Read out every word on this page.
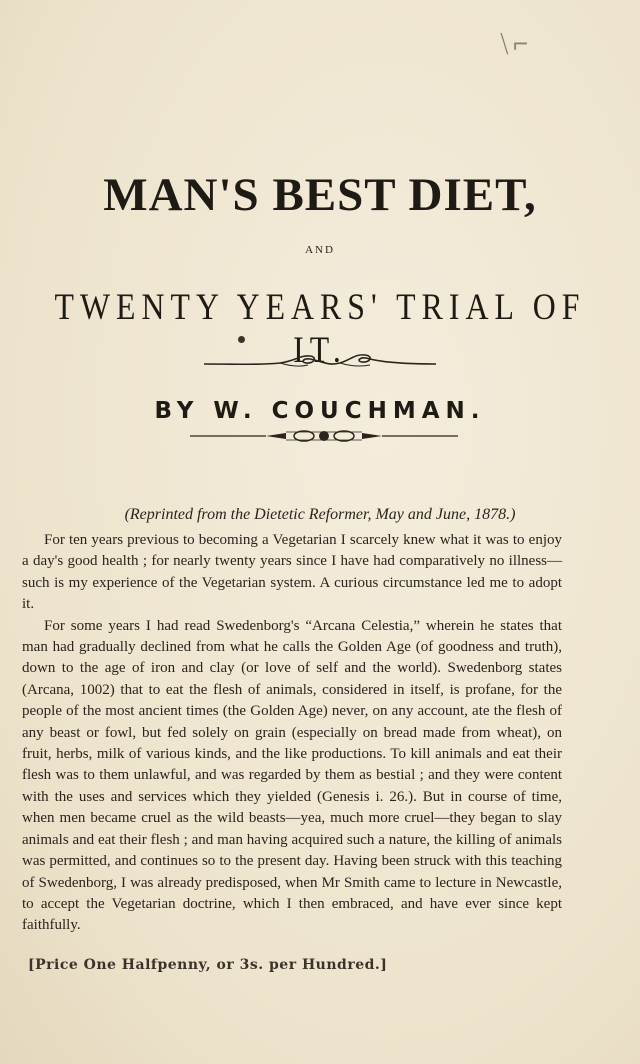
\ ⌐
MAN'S BEST DIET,
AND
TWENTY YEARS' TRIAL OF IT.
BY W. COUCHMAN.
(Reprinted from the Dietetic Reformer, May and June, 1878.)

For ten years previous to becoming a Vegetarian I scarcely knew what it was to enjoy a day's good health ; for nearly twenty years since I have had comparatively no illness—such is my experience of the Vegetarian system. A curious circumstance led me to adopt it.

For some years I had read Swedenborg's “Arcana Celestia,” wherein he states that man had gradually declined from what he calls the Golden Age (of goodness and truth), down to the age of iron and clay (or love of self and the world). Swedenborg states (Arcana, 1002) that to eat the flesh of animals, considered in itself, is profane, for the people of the most ancient times (the Golden Age) never, on any account, ate the flesh of any beast or fowl, but fed solely on grain (especially on bread made from wheat), on fruit, herbs, milk of various kinds, and the like productions. To kill animals and eat their flesh was to them unlawful, and was regarded by them as bestial ; and they were content with the uses and services which they yielded (Genesis i. 26.). But in course of time, when men became cruel as the wild beasts—yea, much more cruel—they began to slay animals and eat their flesh ; and man having acquired such a nature, the killing of animals was permitted, and continues so to the present day. Having been struck with this teaching of Swedenborg, I was already predisposed, when Mr Smith came to lecture in Newcastle, to accept the Vegetarian doctrine, which I then embraced, and have ever since kept faithfully.

[Price One Halfpenny, or 3s. per Hundred.]
